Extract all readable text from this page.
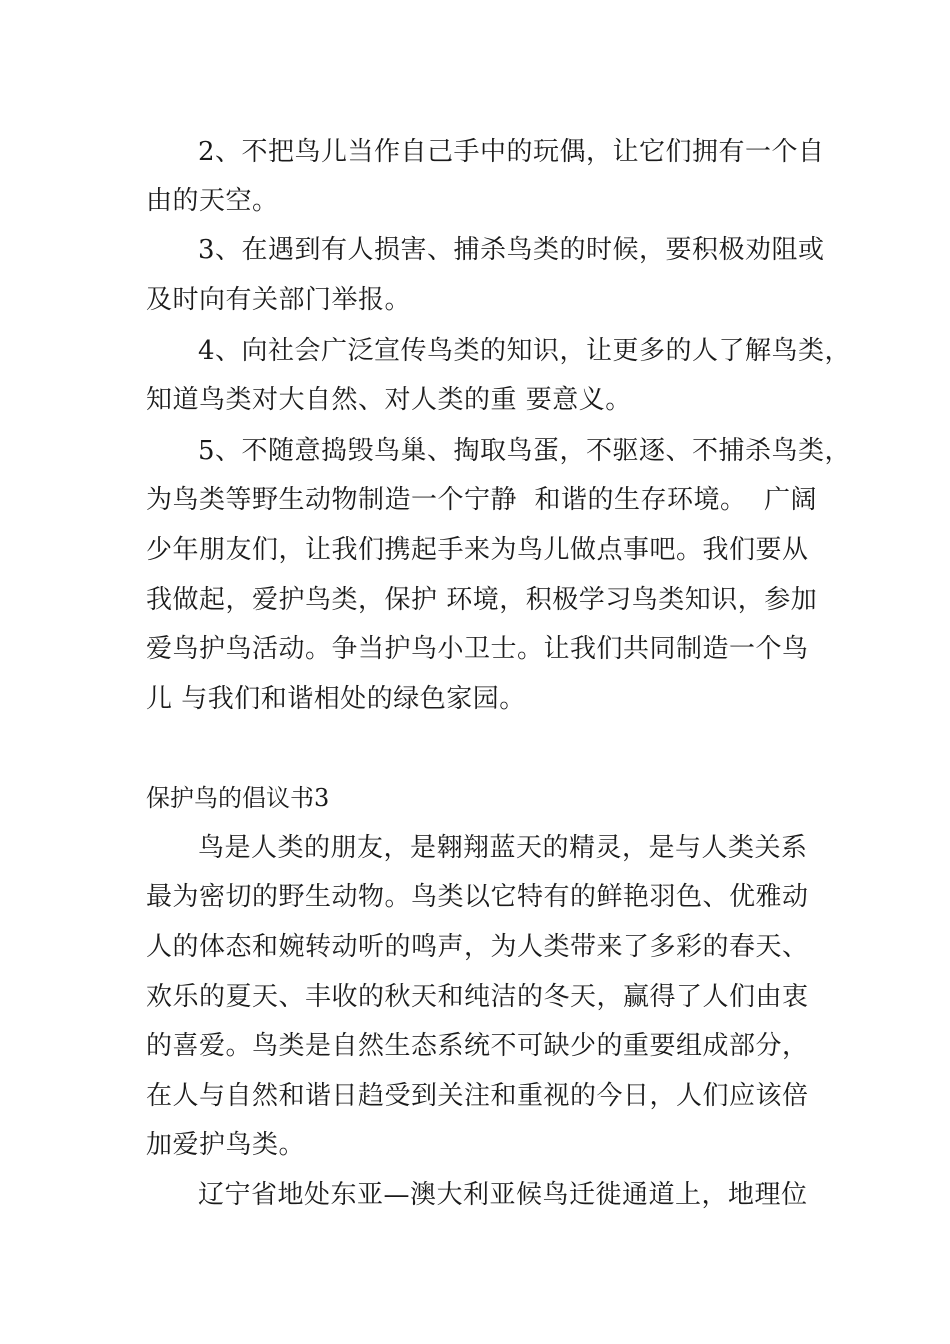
2、不把鸟儿当作自己手中的玩偶，让它们拥有一个自
由的天空。
3、在遇到有人损害、捕杀鸟类的时候，要积极劝阻或
及时向有关部门举报。
4、向社会广泛宣传鸟类的知识，让更多的人了解鸟类，
知道鸟类对大自然、对人类的重 要意义。
5、不随意捣毁鸟巢、掏取鸟蛋，不驱逐、不捕杀鸟类，
为鸟类等野生动物制造一个宁静  和谐的生存环境。  广阔
少年朋友们，让我们携起手来为鸟儿做点事吧。我们要从
我做起，爱护鸟类，保护 环境，积极学习鸟类知识，参加
爱鸟护鸟活动。争当护鸟小卫士。让我们共同制造一个鸟
儿 与我们和谐相处的绿色家园。
保护鸟的倡议书3
鸟是人类的朋友，是翱翔蓝天的精灵，是与人类关系
最为密切的野生动物。鸟类以它特有的鲜艳羽色、优雅动
人的体态和婉转动听的鸣声，为人类带来了多彩的春天、
欢乐的夏天、丰收的秋天和纯洁的冬天，赢得了人们由衷
的喜爱。鸟类是自然生态系统不可缺少的重要组成部分，
在人与自然和谐日趋受到关注和重视的今日，人们应该倍
加爱护鸟类。
辽宁省地处东亚—澳大利亚候鸟迁徙通道上，地理位
